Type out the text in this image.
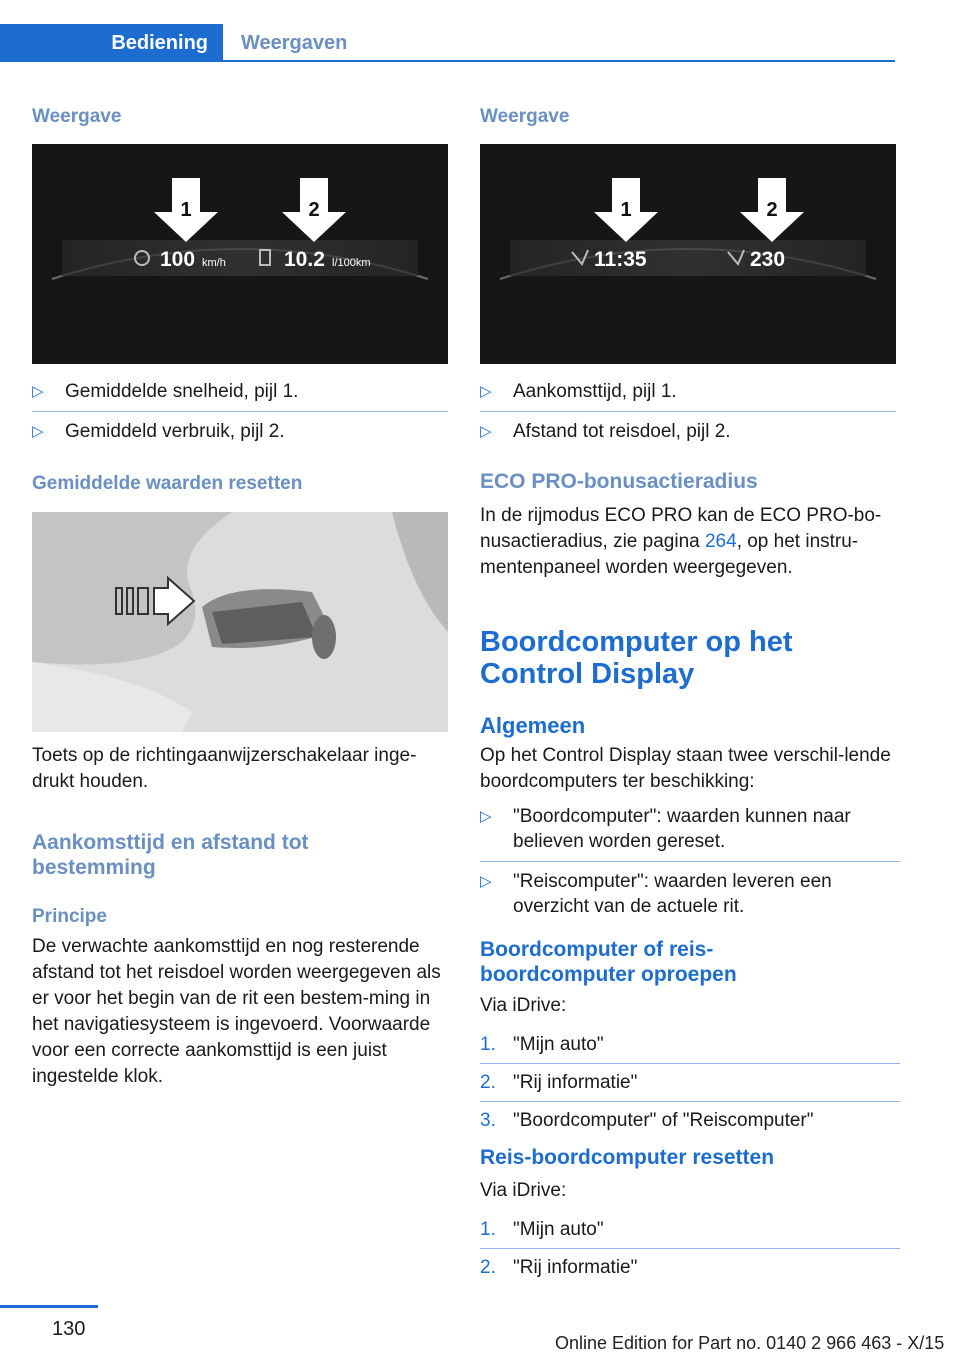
Bediening	Weergaven
Weergave
1	2
100 km/h	10.2 l/100km
▷ Gemiddelde snelheid, pijl 1.
▷ Gemiddeld verbruik, pijl 2.
Gemiddelde waarden resetten
Toets op de richtingaanwijzerschakelaar inge-drukt houden.
Aankomsttijd en afstand tot bestemming
Principe
De verwachte aankomsttijd en nog resterende afstand tot het reisdoel worden weergegeven als er voor het begin van de rit een bestem-ming in het navigatiesysteem is ingevoerd. Voorwaarde voor een correcte aankomsttijd is een juist ingestelde klok.
Weergave
1	2
11:35	230
▷ Aankomsttijd, pijl 1.
▷ Afstand tot reisdoel, pijl 2.
ECO PRO-bonusactieradius
In de rijmodus ECO PRO kan de ECO PRO-bo-nusactieradius, zie pagina 264, op het instru-mentenpaneel worden weergegeven.
Boordcomputer op het Control Display
Algemeen
Op het Control Display staan twee verschil-lende boordcomputers ter beschikking:
▷ "Boordcomputer": waarden kunnen naar believen worden gereset.
▷ "Reiscomputer": waarden leveren een overzicht van de actuele rit.
Boordcomputer of reis-boordcomputer oproepen
Via iDrive:
1. "Mijn auto"
2. "Rij informatie"
3. "Boordcomputer" of "Reiscomputer"
Reis-boordcomputer resetten
Via iDrive:
1. "Mijn auto"
2. "Rij informatie"
130
Online Edition for Part no. 0140 2 966 463 - X/15
